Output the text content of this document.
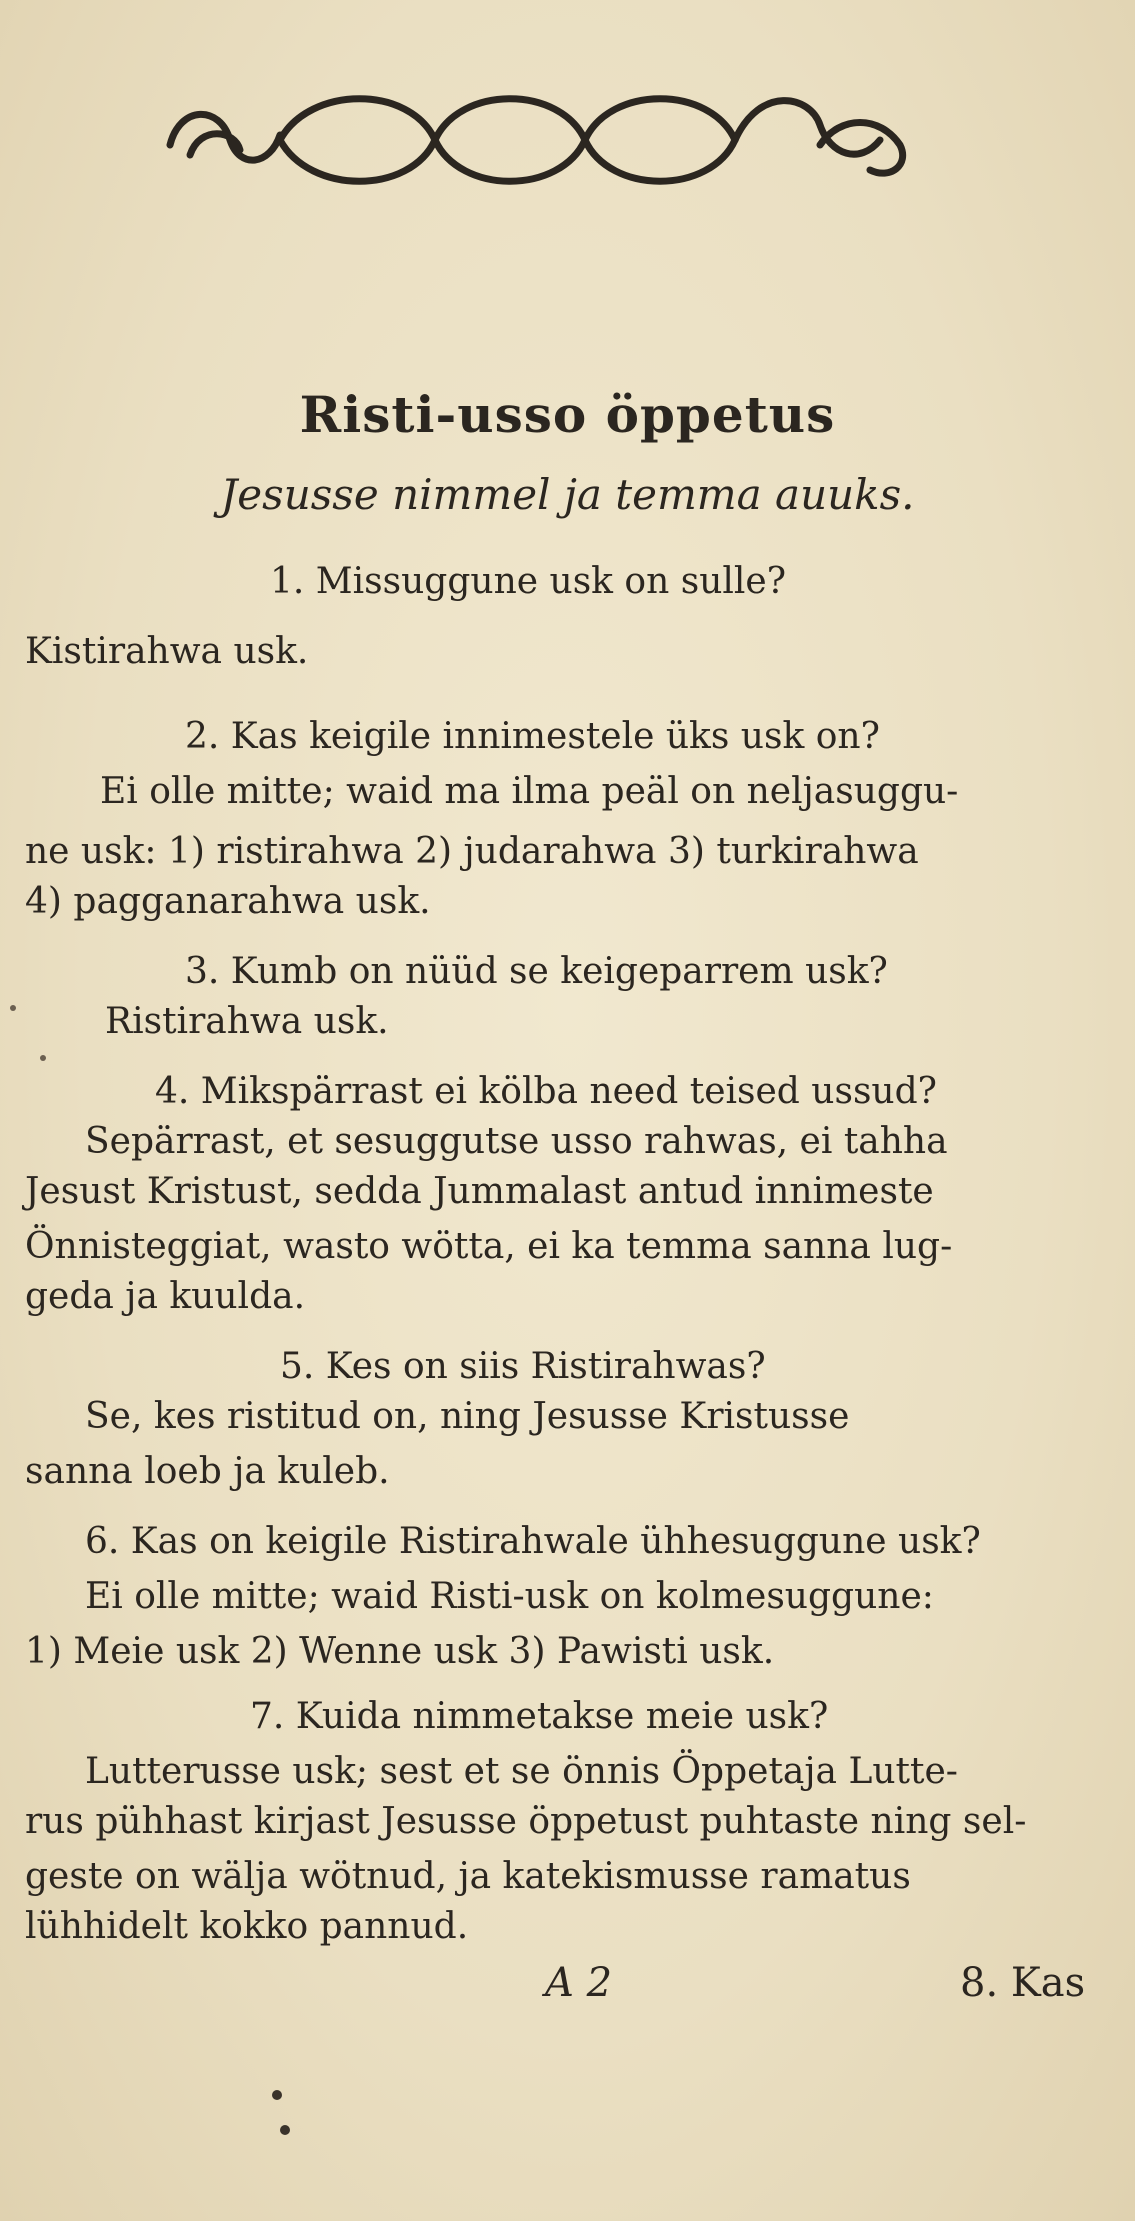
Risti-usso öppetus
Jesusse nimmel ja temma auuks.
1. Missuggune usk on sulle?
Kistirahwa usk.
2. Kas keigile innimestele üks usk on?
Ei olle mitte; waid ma ilma peäl on neljasuggu-
ne usk: 1) ristirahwa 2) judarahwa 3) turkirahwa
4) pagganarahwa usk.
3. Kumb on nüüd se keigeparrem usk?
Ristirahwa usk.
4. Mikspärrast ei kölba need teised ussud?
Sepärrast, et sesuggutse usso rahwas, ei tahha
Jesust Kristust, sedda Jummalast antud innimeste
Önnisteggiat, wasto wötta, ei ka temma sanna lug-
geda ja kuulda.
5. Kes on siis Ristirahwas?
Se, kes ristitud on, ning Jesusse Kristusse
sanna loeb ja kuleb.
6. Kas on keigile Ristirahwale ühhesuggune usk?
Ei olle mitte; waid Risti-usk on kolmesuggune:
1) Meie usk 2) Wenne usk 3) Pawisti usk.
7. Kuida nimmetakse meie usk?
Lutterusse usk; sest et se önnis Öppetaja Lutte-
rus pühhast kirjast Jesusse öppetust puhtaste ning sel-
geste on wälja wötnud, ja katekismusse ramatus
lühhidelt kokko pannud.
A 2	8. Kas
